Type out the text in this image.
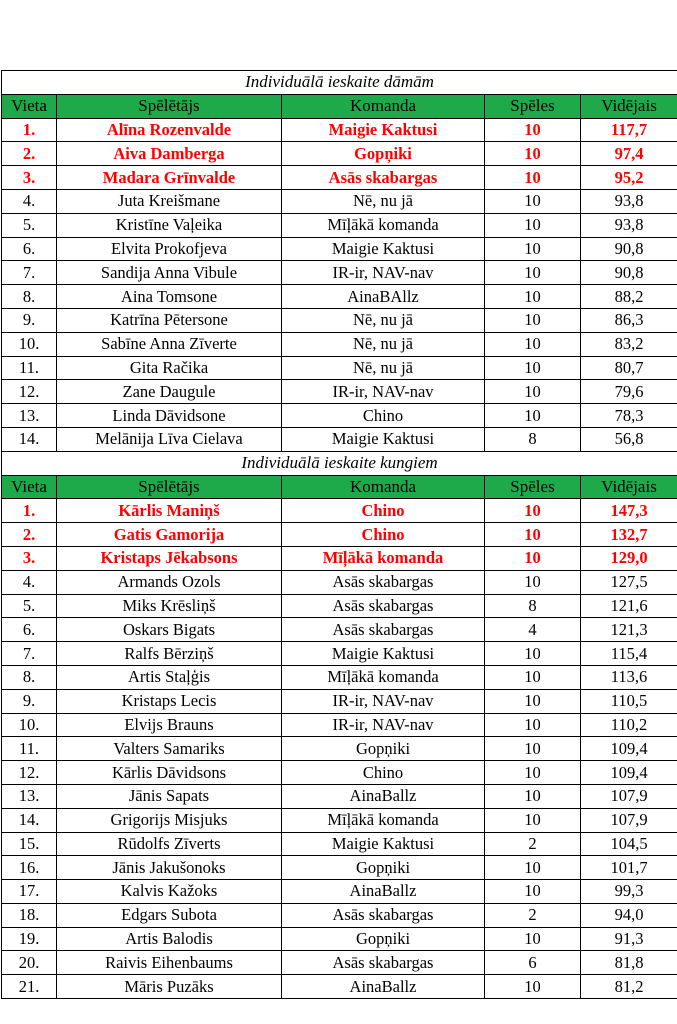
Individuālā ieskaite dāmām				
Vieta	Spēlētājs	Komanda	Spēles	Vidējais
1.	Alīna Rozenvalde	Maigie Kaktusi	10	117,7
2.	Aiva Damberga	Gopņiki	10	97,4
3.	Madara Grīnvalde	Asās skabargas	10	95,2
4.	Juta Kreišmane	Nē, nu jā	10	93,8
5.	Kristīne Vaļeika	Mīļākā komanda	10	93,8
6.	Elvita Prokofjeva	Maigie Kaktusi	10	90,8
7.	Sandija Anna Vibule	IR-ir, NAV-nav	10	90,8
8.	Aina Tomsone	AinaBAllz	10	88,2
9.	Katrīna Pētersone	Nē, nu jā	10	86,3
10.	Sabīne Anna Zīverte	Nē, nu jā	10	83,2
11.	Gita Račika	Nē, nu jā	10	80,7
12.	Zane Daugule	IR-ir, NAV-nav	10	79,6
13.	Linda Dāvidsone	Chino	10	78,3
14.	Melānija Līva Cielava	Maigie Kaktusi	8	56,8
Individuālā ieskaite kungiem				
Vieta	Spēlētājs	Komanda	Spēles	Vidējais
1.	Kārlis Maniņš	Chino	10	147,3
2.	Gatis Gamorija	Chino	10	132,7
3.	Kristaps Jēkabsons	Mīļākā komanda	10	129,0
4.	Armands Ozols	Asās skabargas	10	127,5
5.	Miks Krēsliņš	Asās skabargas	8	121,6
6.	Oskars Bigats	Asās skabargas	4	121,3
7.	Ralfs Bērziņš	Maigie Kaktusi	10	115,4
8.	Artis Staļģis	Mīļākā komanda	10	113,6
9.	Kristaps Lecis	IR-ir, NAV-nav	10	110,5
10.	Elvijs Brauns	IR-ir, NAV-nav	10	110,2
11.	Valters Samariks	Gopņiki	10	109,4
12.	Kārlis Dāvidsons	Chino	10	109,4
13.	Jānis Sapats	AinaBallz	10	107,9
14.	Grigorijs Misjuks	Mīļākā komanda	10	107,9
15.	Rūdolfs Zīverts	Maigie Kaktusi	2	104,5
16.	Jānis Jakušonoks	Gopņiki	10	101,7
17.	Kalvis Kažoks	AinaBallz	10	99,3
18.	Edgars Subota	Asās skabargas	2	94,0
19.	Artis Balodis	Gopņiki	10	91,3
20.	Raivis Eihenbaums	Asās skabargas	6	81,8
21.	Māris Puzāks	AinaBallz	10	81,2
